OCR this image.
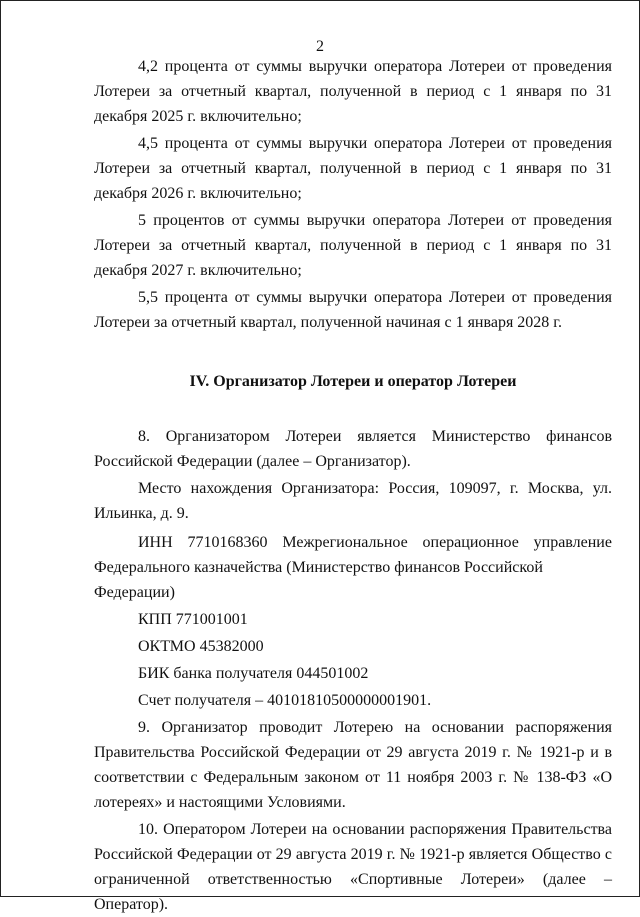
2

4,2 процента от суммы выручки оператора Лотереи от проведения Лотереи за отчетный квартал, полученной в период с 1 января по 31 декабря 2025 г. включительно;

4,5 процента от суммы выручки оператора Лотереи от проведения Лотереи за отчетный квартал, полученной в период с 1 января по 31 декабря 2026 г. включительно;

5 процентов от суммы выручки оператора Лотереи от проведения Лотереи за отчетный квартал, полученной в период с 1 января по 31 декабря 2027 г. включительно;

5,5 процента от суммы выручки оператора Лотереи от проведения Лотереи за отчетный квартал, полученной начиная с 1 января 2028 г.

IV. Организатор Лотереи и оператор Лотереи

8. Организатором Лотереи является Министерство финансов Российской Федерации (далее – Организатор).

Место нахождения Организатора: Россия, 109097, г. Москва, ул. Ильинка, д. 9.

ИНН 7710168360 Межрегиональное операционное управление

Федерального казначейства (Министерство финансов Российской Федерации)

КПП 771001001

ОКТМО 45382000

БИК банка получателя 044501002

Счет получателя – 40101810500000001901.

9. Организатор проводит Лотерею на основании распоряжения Правительства Российской Федерации от 29 августа 2019 г. № 1921-р и в соответствии с Федеральным законом от 11 ноября 2003 г. № 138-ФЗ «О лотереях» и настоящими Условиями.

10. Оператором Лотереи на основании распоряжения Правительства Российской Федерации от 29 августа 2019 г. № 1921-р является Общество с ограниченной ответственностью «Спортивные Лотереи» (далее – Оператор).
